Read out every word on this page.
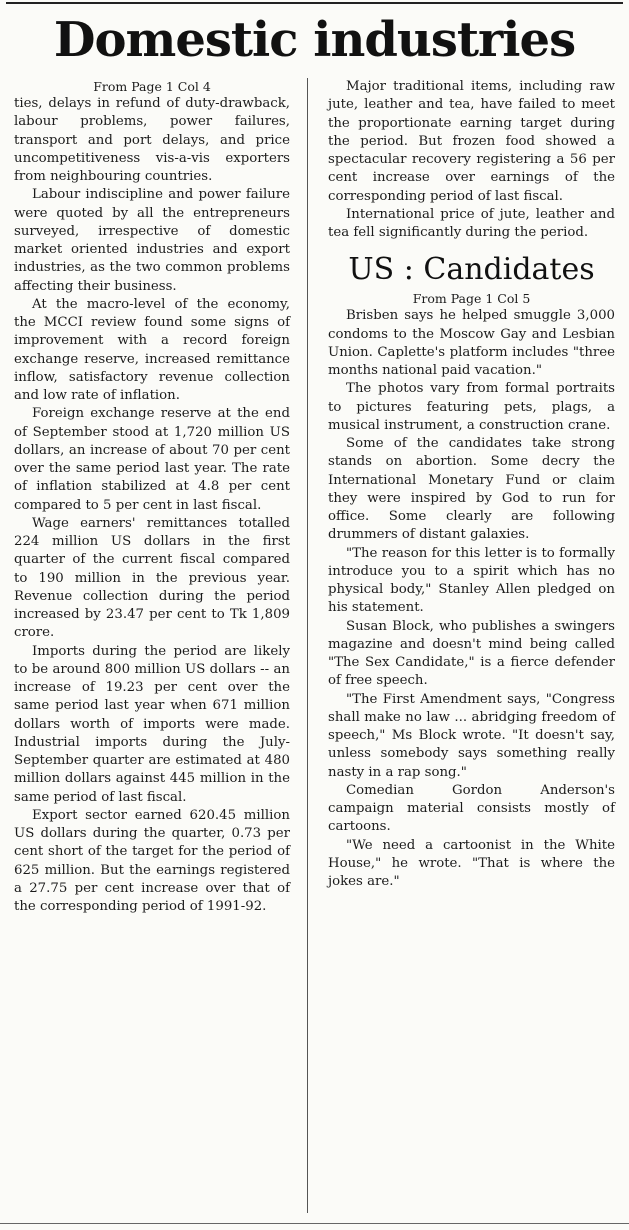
Domestic industries
From Page 1 Col 4

ties, delays in refund of duty-drawback, labour problems, power failures, transport and port delays, and price uncompetitiveness vis-a-vis exporters from neighbouring countries.

Labour indiscipline and power failure were quoted by all the entrepreneurs surveyed, irrespective of domestic market oriented industries and export industries, as the two common problems affecting their business.

At the macro-level of the economy, the MCCI review found some signs of improvement with a record foreign exchange reserve, increased remittance inflow, satisfactory revenue collection and low rate of inflation.

Foreign exchange reserve at the end of September stood at 1,720 million US dollars, an increase of about 70 per cent over the same period last year. The rate of inflation stabilized at 4.8 per cent compared to 5 per cent in last fiscal.

Wage earners' remittances totalled 224 million US dollars in the first quarter of the current fiscal compared to 190 million in the previous year. Revenue collection during the period increased by 23.47 per cent to Tk 1,809 crore.

Imports during the period are likely to be around 800 million US dollars -- an increase of 19.23 per cent over the same period last year when 671 million dollars worth of imports were made. Industrial imports during the July-September quarter are estimated at 480 million dollars against 445 million in the same period of last fiscal.

Export sector earned 620.45 million US dollars during the quarter, 0.73 per cent short of the target for the period of 625 million. But the earnings registered a 27.75 per cent increase over that of the corresponding period of 1991-92.

Major traditional items, including raw jute, leather and tea, have failed to meet the proportionate earning target during the period. But frozen food showed a spectacular recovery registering a 56 per cent increase over earnings of the corresponding period of last fiscal.

International price of jute, leather and tea fell significantly during the period.

US : Candidates
From Page 1 Col 5

Brisben says he helped smuggle 3,000 condoms to the Moscow Gay and Lesbian Union. Caplette's platform includes "three months national paid vacation."

The photos vary from formal portraits to pictures featuring pets, plags, a musical instrument, a construction crane.

Some of the candidates take strong stands on abortion. Some decry the International Monetary Fund or claim they were inspired by God to run for office. Some clearly are following drummers of distant galaxies.

"The reason for this letter is to formally introduce you to a spirit which has no physical body," Stanley Allen pledged on his statement.

Susan Block, who publishes a swingers magazine and doesn't mind being called "The Sex Candidate," is a fierce defender of free speech.

"The First Amendment says, "Congress shall make no law ... abridging freedom of speech," Ms Block wrote. "It doesn't say, unless somebody says something really nasty in a rap song."

Comedian Gordon Anderson's campaign material consists mostly of cartoons.

"We need a cartoonist in the White House," he wrote. "That is where the jokes are."
